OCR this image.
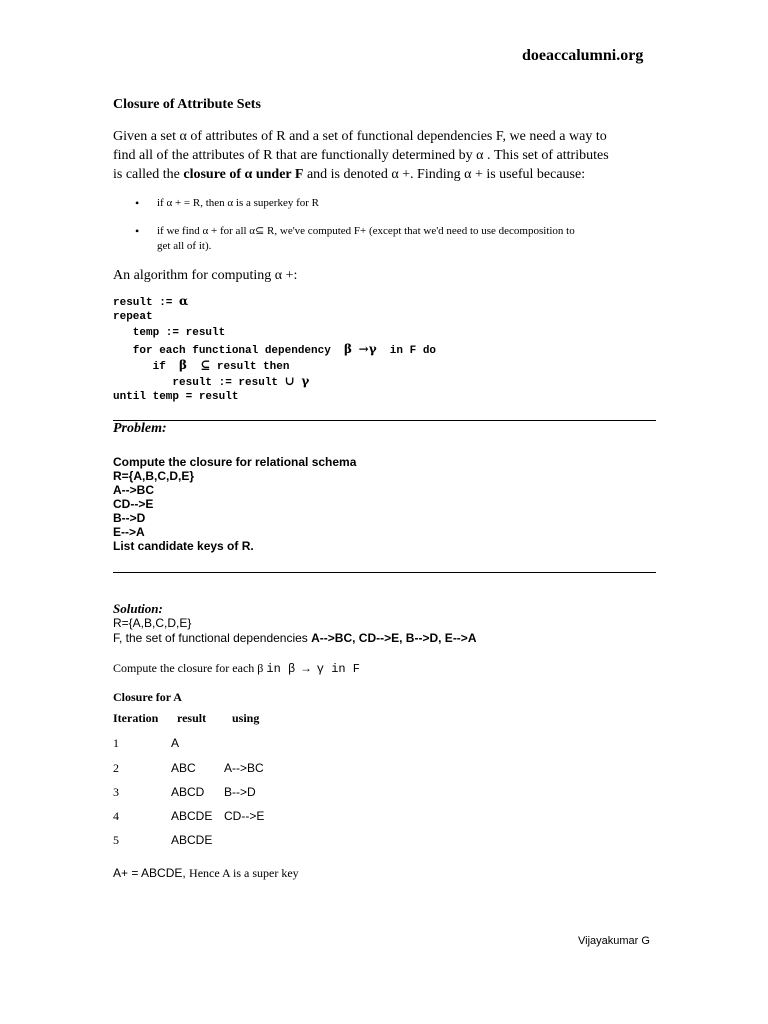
doeaccalumni.org
Closure of Attribute Sets
Given a set α of attributes of R and a set of functional dependencies F, we need a way to
find all of the attributes of R that are functionally determined by α . This set of attributes
is called the closure of α under F and is denoted α +. Finding α + is useful because:
• if α + = R, then α is a superkey for R
• if we find α + for all α⊆ R, we've computed F+ (except that we'd need to use decomposition to
get all of it).
An algorithm for computing α +:
result := α
repeat
temp := result
for each functional dependency  β →γ  in F do
if  β ⊆ result then
result := result ∪ γ
until temp = result
Problem:
Compute the closure for relational schema
R={A,B,C,D,E}
A-->BC
CD-->E
B-->D
E-->A
List candidate keys of R.
Solution:
R={A,B,C,D,E}
F, the set of functional dependencies A-->BC, CD-->E, B-->D, E-->A
Compute the closure for each β in β → γ in F
Closure for A
Iteration result using
1	A
2	ABC A-->BC
3	ABCD B-->D
4	ABCDE CD-->E
5	ABCDE
A+ = ABCDE, Hence A is a super key
Vijayakumar G
